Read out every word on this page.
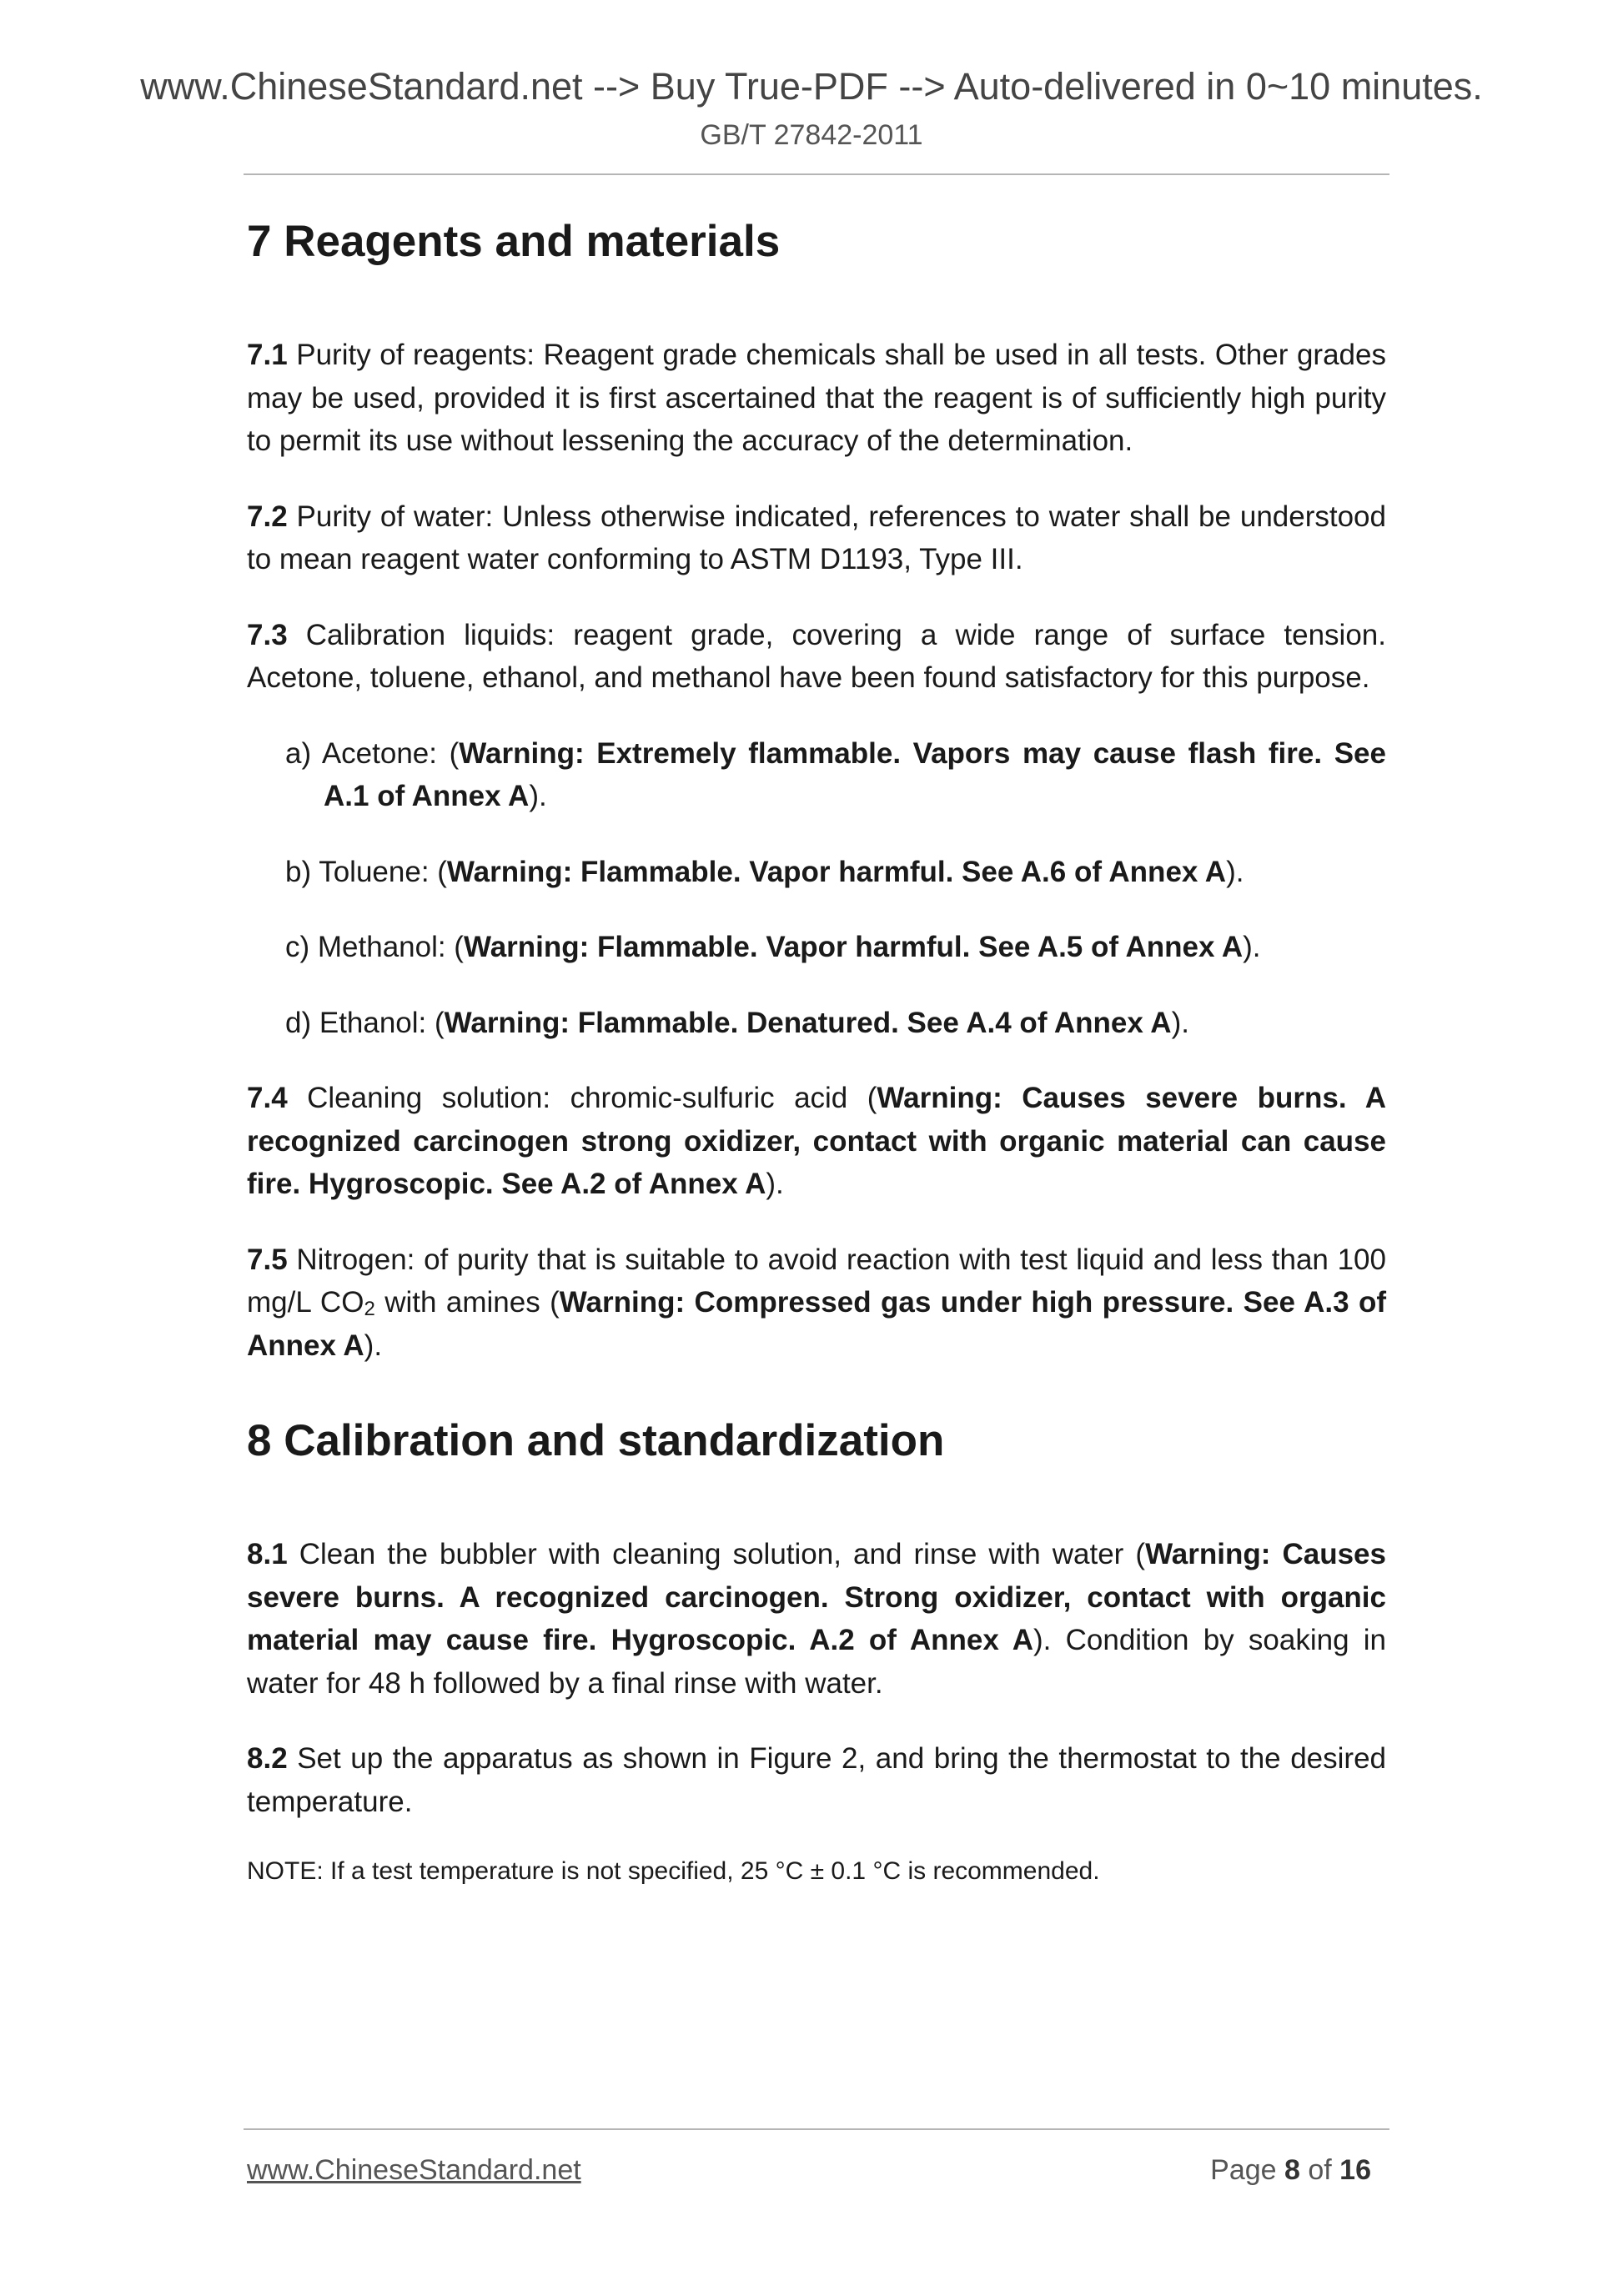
www.ChineseStandard.net --> Buy True-PDF --> Auto-delivered in 0~10 minutes.
GB/T 27842-2011
7 Reagents and materials

7.1 Purity of reagents: Reagent grade chemicals shall be used in all tests. Other grades may be used, provided it is first ascertained that the reagent is of sufficiently high purity to permit its use without lessening the accuracy of the determination.

7.2 Purity of water: Unless otherwise indicated, references to water shall be understood to mean reagent water conforming to ASTM D1193, Type III.

7.3 Calibration liquids: reagent grade, covering a wide range of surface tension. Acetone, toluene, ethanol, and methanol have been found satisfactory for this purpose.

a) Acetone: (Warning: Extremely flammable. Vapors may cause flash fire. See A.1 of Annex A).

b) Toluene: (Warning: Flammable. Vapor harmful. See A.6 of Annex A).

c) Methanol: (Warning: Flammable. Vapor harmful. See A.5 of Annex A).

d) Ethanol: (Warning: Flammable. Denatured. See A.4 of Annex A).

7.4 Cleaning solution: chromic-sulfuric acid (Warning: Causes severe burns. A recognized carcinogen strong oxidizer, contact with organic material can cause fire. Hygroscopic. See A.2 of Annex A).

7.5 Nitrogen: of purity that is suitable to avoid reaction with test liquid and less than 100 mg/L $CO_2$ with amines (Warning: Compressed gas under high pressure. See A.3 of Annex A).

8 Calibration and standardization

8.1 Clean the bubbler with cleaning solution, and rinse with water (Warning: Causes severe burns. A recognized carcinogen. Strong oxidizer, contact with organic material may cause fire. Hygroscopic. A.2 of Annex A). Condition by soaking in water for 48 h followed by a final rinse with water.

8.2 Set up the apparatus as shown in Figure 2, and bring the thermostat to the desired temperature.

NOTE: If a test temperature is not specified, 25 °C ± 0.1 °C is recommended.

www.ChineseStandard.net	Page 8 of 16
